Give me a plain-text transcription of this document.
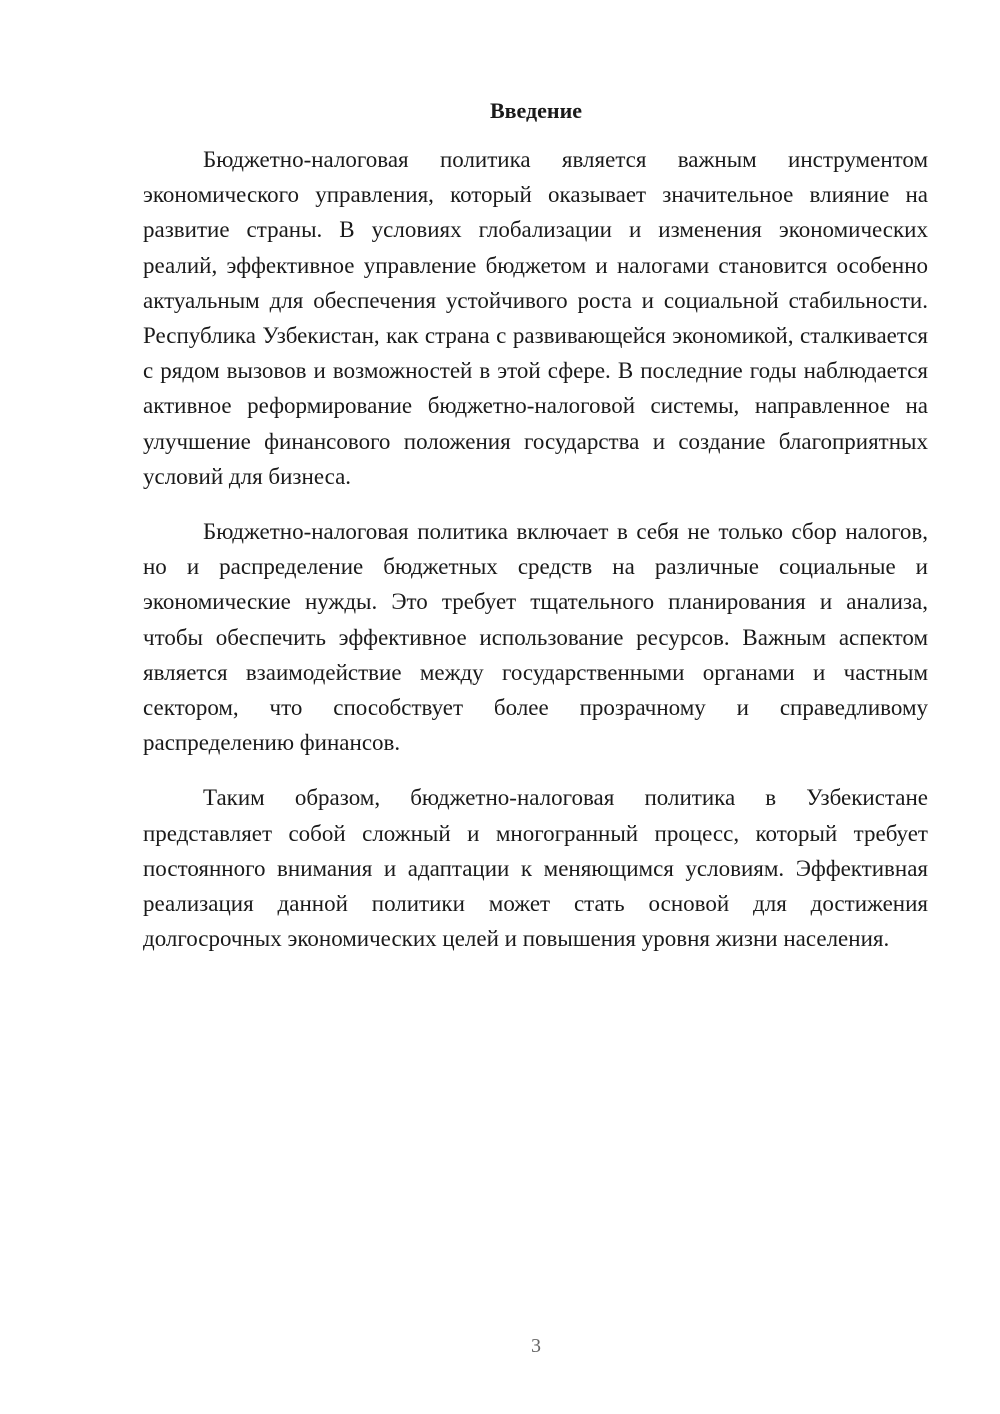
Введение

Бюджетно-налоговая политика является важным инструментом экономического управления, который оказывает значительное влияние на развитие страны. В условиях глобализации и изменения экономических реалий, эффективное управление бюджетом и налогами становится особенно актуальным для обеспечения устойчивого роста и социальной стабильности. Республика Узбекистан, как страна с развивающейся экономикой, сталкивается с рядом вызовов и возможностей в этой сфере. В последние годы наблюдается активное реформирование бюджетно-налоговой системы, направленное на улучшение финансового положения государства и создание благоприятных условий для бизнеса.

Бюджетно-налоговая политика включает в себя не только сбор налогов, но и распределение бюджетных средств на различные социальные и экономические нужды. Это требует тщательного планирования и анализа, чтобы обеспечить эффективное использование ресурсов. Важным аспектом является взаимодействие между государственными органами и частным сектором, что способствует более прозрачному и справедливому распределению финансов.

Таким образом, бюджетно-налоговая политика в Узбекистане представляет собой сложный и многогранный процесс, который требует постоянного внимания и адаптации к меняющимся условиям. Эффективная реализация данной политики может стать основой для достижения долгосрочных экономических целей и повышения уровня жизни населения.

3
